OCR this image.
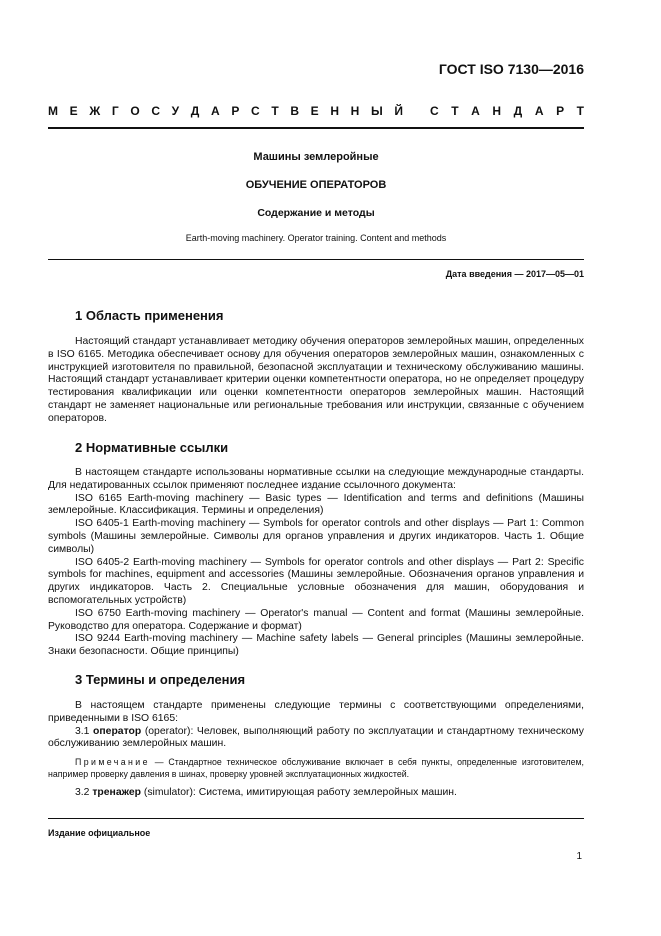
ГОСТ ISO 7130—2016
М Е Ж Г О С У Д А Р С Т В Е Н Н Ы Й С Т А Н Д А Р Т
Машины землеройные
ОБУЧЕНИЕ ОПЕРАТОРОВ
Содержание и методы
Earth-moving machinery. Operator training. Content and methods
Дата введения — 2017—05—01
1 Область применения

Настоящий стандарт устанавливает методику обучения операторов землеройных машин, определенных в ISO 6165. Методика обеспечивает основу для обучения операторов землеройных машин, ознакомленных с инструкцией изготовителя по правильной, безопасной эксплуатации и техническому обслуживанию машины. Настоящий стандарт устанавливает критерии оценки компетентности оператора, но не определяет процедуру тестирования квалификации или оценки компетентности операторов землеройных машин. Настоящий стандарт не заменяет национальные или региональные требования или инструкции, связанные с обучением операторов.

2 Нормативные ссылки

В настоящем стандарте использованы нормативные ссылки на следующие международные стандарты. Для недатированных ссылок применяют последнее издание ссылочного документа:

ISO 6165 Earth-moving machinery — Basic types — Identification and terms and definitions (Машины землеройные. Классификация. Термины и определения)

ISO 6405-1 Earth-moving machinery — Symbols for operator controls and other displays — Part 1: Common symbols (Машины землеройные. Символы для органов управления и других индикаторов. Часть 1. Общие символы)

ISO 6405-2 Earth-moving machinery — Symbols for operator controls and other displays — Part 2: Specific symbols for machines, equipment and accessories (Машины землеройные. Обозначения органов управления и других индикаторов. Часть 2. Специальные условные обозначения для машин, оборудования и вспомогательных устройств)

ISO 6750 Earth-moving machinery — Operator's manual — Content and format (Машины землеройные. Руководство для оператора. Содержание и формат)

ISO 9244 Earth-moving machinery — Machine safety labels — General principles (Машины землеройные. Знаки безопасности. Общие принципы)

3 Термины и определения

В настоящем стандарте применены следующие термины с соответствующими определениями, приведенными в ISO 6165:

3.1 оператор (operator): Человек, выполняющий работу по эксплуатации и стандартному техническому обслуживанию землеройных машин.

Примечание — Стандартное техническое обслуживание включает в себя пункты, определенные изготовителем, например проверку давления в шинах, проверку уровней эксплуатационных жидкостей.

3.2 тренажер (simulator): Система, имитирующая работу землеройных машин.

Издание официальное
1
